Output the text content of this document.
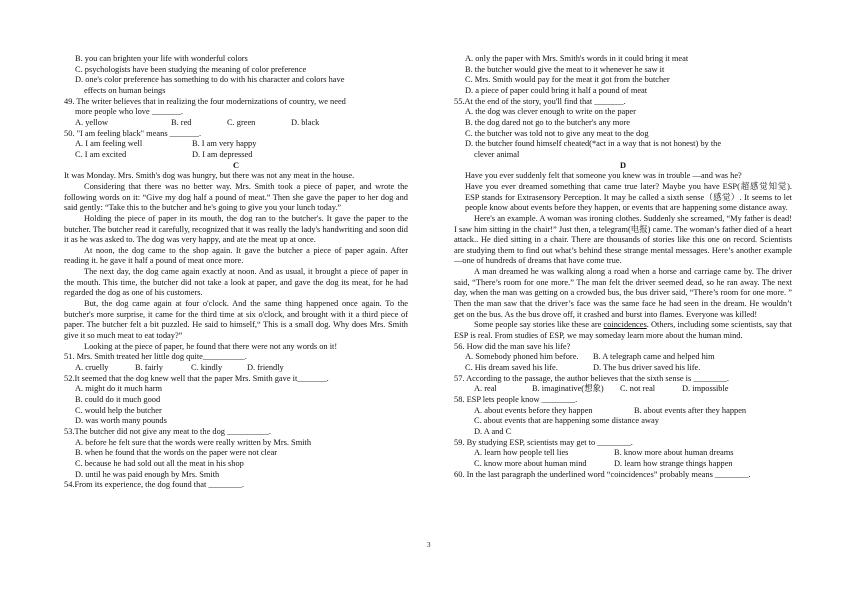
B. you can brighten your life with wonderful colors
C. psychologists have been studying the meaning of color preference
D. one's color preference has something to do with his character and colors have
effects on human beings
49. The writer believes that in realizing the four modernizations of country, we need
more people who love _______.
A. yellow	B. red	C. green	D. black
50. "I am feeling black" means _______.
A. I am feeling well	B. I am very happy
C. I am excited	D. I am depressed
C
It was Monday. Mrs. Smith's dog was hungry, but there was not any meat in the house.
Considering that there was no better way. Mrs. Smith took a piece of paper, and wrote the following words on it: “Give my dog half a pound of meat.” Then she gave the paper to her dog and said gently: “Take this to the butcher and he's going to give you your lunch today.”
Holding the piece of paper in its mouth, the dog ran to the butcher's. It gave the paper to the butcher. The butcher read it carefully, recognized that it was really the lady's handwriting and soon did it as he was asked to. The dog was very happy, and ate the meat up at once.
At noon, the dog came to the shop again. It gave the butcher a piece of paper again. After reading it. he gave it half a pound of meat once more.
The next day, the dog came again exactly at noon. And as usual, it brought a piece of paper in the mouth. This time, the butcher did not take a look at paper, and gave the dog its meat, for he had regarded the dog as one of his customers.
But, the dog came again at four o'clock. And the same thing happened once again. To the butcher's more surprise, it came for the third time at six o'clock, and brought with it a third piece of paper. The butcher felt a bit puzzled. He said to himself,“ This is a small dog. Why does Mrs. Smith give it so much meat to eat today?”
Looking at the piece of paper, he found that there were not any words on it!
51. Mrs. Smith treated her little dog quite__________.
A. cruelly	B. fairly	C. kindly	D. friendly
52.It seemed that the dog knew well that the paper Mrs. Smith gave it_______.
A. might do it much harm
B. could do it much good
C. would help the butcher
D. was worth many pounds
53.The butcher did not give any meat to the dog __________.
A. before he felt sure that the words were really written by Mrs. Smith
B. when he found that the words on the paper were not clear
C. because he had sold out all the meat in his shop
D. until he was paid enough by Mrs. Smith
54.From its experience, the dog found that ________.
A. only the paper with Mrs. Smith's words in it could bring it meat
B. the butcher would give the meat to it whenever he saw it
C. Mrs. Smith would pay for the meat it got from the butcher
D. a piece of paper could bring it half a pound of meat
55.At the end of the story, you'll find that _______.
A. the dog was clever enough to write on the paper
B. the dog dared not go to the butcher's any more
C. the butcher was told not to give any meat to the dog
D. the butcher found himself cheated(*act in a way that is not honest) by the
clever animal
D
Have you ever suddenly felt that someone you knew was in trouble —and was he?
Have you ever dreamed something that came true later? Maybe you have ESP(超感觉知觉). ESP stands for Extrasensory Perception. It may be called a sixth sense（感觉）. It seems to let people know about events before they happen, or events that are happening some distance away.
Here's an example. A woman was ironing clothes. Suddenly she screamed, “My father is dead! I saw him sitting in the chair!” Just then, a telegram(电报) came. The woman’s father died of a heart attack.. He died sitting in a chair. There are thousands of stories like this one on record. Scientists are studying them to find out what’s behind these strange mental messages. Here’s another example —one of hundreds of dreams that have come true.
A man dreamed he was walking along a road when a horse and carriage came by. The driver said, “There’s room for one more.” The man felt the driver seemed dead, so he ran away. The next day, when the man was getting on a crowded bus, the bus driver said, “There’s room for one more. ” Then the man saw that the driver’s face was the same face he had seen in the dream. He wouldn’t get on the bus. As the bus drove off, it crashed and burst into flames. Everyone was killed!
Some people say stories like these are coincidences. Others, including some scientists, say that ESP is real. From studies of ESP, we may someday learn more about the human mind.
56. How did the man save his life?
A. Somebody phoned him before.	B. A telegraph came and helped him
C. His dream saved his life.	D. The bus driver saved his life.
57. According to the passage, the author believes that the sixth sense is ________.
A. real	B. imaginative(想象)	C. not real	D. impossible
58. ESP lets people know ________.
A. about events before they happen	B. about events after they happen
C. about events that are happening some distance away
D. A and C
59. By studying ESP, scientists may get to ________.
A. learn how people tell lies	B. know more about human dreams
C. know more about human mind	D. learn how strange things happen
60. In the last paragraph the underlined word “coincidences” probably means ________.
3
